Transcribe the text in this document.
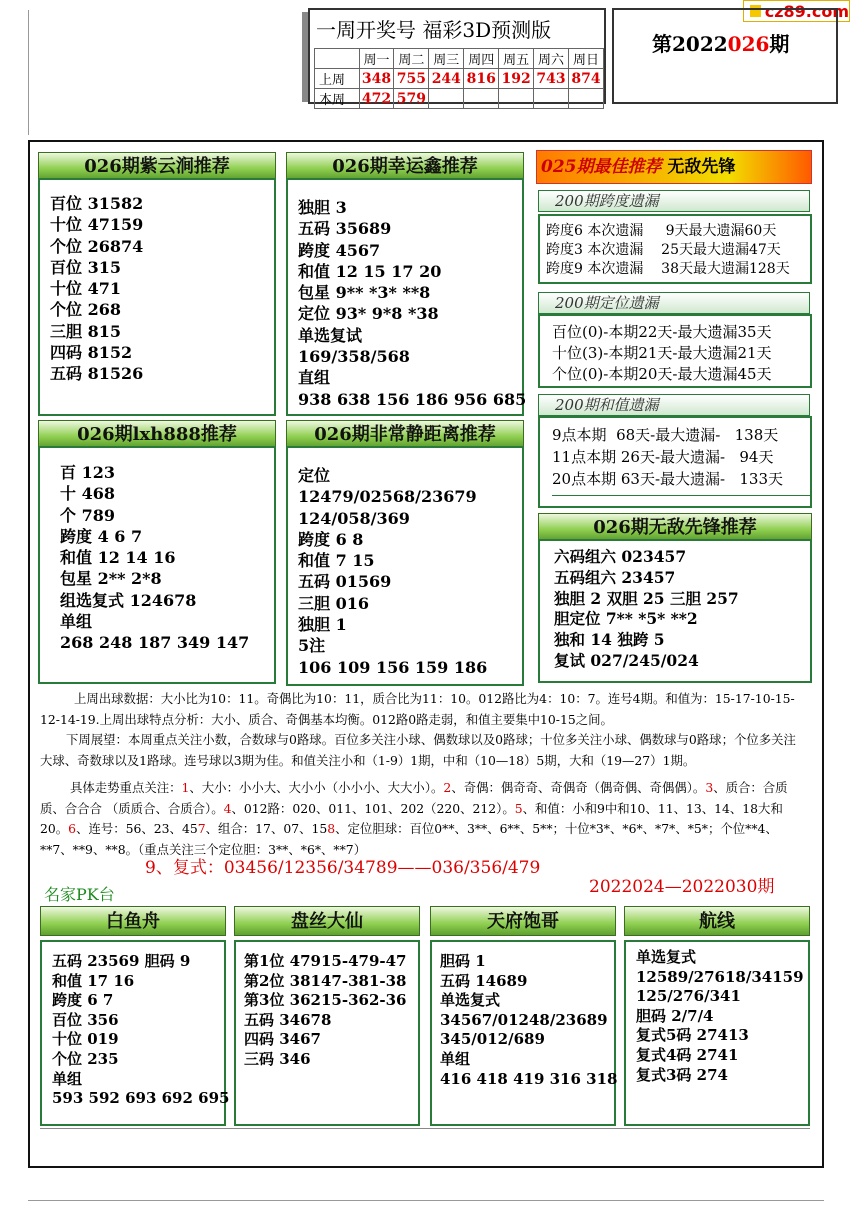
cz89.com
一周开奖号 福彩3D预测版
	周一	周二	周三	周四	周五	周六	周日
上周	348	755	244	816	192	743	874
本周	472	579					
第2022026期
026期紫云涧推荐
百位 31582
十位 47159
个位 26874
百位 315
十位 471
个位 268
三胆 815
四码 8152
五码 81526
026期幸运鑫推荐
独胆 3
五码 35689
跨度 4567
和值 12 15 17 20
包星 9** *3* **8
定位 93* 9*8 *38
单选复试
169/358/568
直组
938 638 156 186 956 685
026期lxh888推荐
百 123
十 468
个 789
跨度 4 6 7
和值 12 14 16
包星 2** 2*8
组选复式 124678
单组
268 248 187 349 147
026期非常静距离推荐
定位
12479/02568/23679
124/058/369
跨度 6 8
和值 7 15
五码 01569
三胆 016
独胆 1
5注
106 109 156 159 186
025期最佳推荐 无敌先锋
200期跨度遗漏
跨度6 本次遗漏     9天最大遗漏60天
跨度3 本次遗漏    25天最大遗漏47天
跨度9 本次遗漏    38天最大遗漏128天
200期定位遗漏
百位(0)-本期22天-最大遗漏35天
十位(3)-本期21天-最大遗漏21天
个位(0)-本期20天-最大遗漏45天
200期和值遗漏
9点本期  68天-最大遗漏-   138天
11点本期 26天-最大遗漏-   94天
20点本期 63天-最大遗漏-   133天
026期无敌先锋推荐
六码组六 023457
五码组六 23457
独胆 2 双胆 25 三胆 257
胆定位 7** *5* **2
独和 14 独跨 5
复试 027/245/024
上周出球数据：大小比为10：11。奇偶比为10：11，质合比为11：10。012路比为4：10：7。连号4期。和值为：15-17-10-15-12-14-19.上周出球特点分析：大小、质合、奇偶基本均衡。012路0路走弱，和值主要集中10-15之间。
下周展望：本周重点关注小数，合数球与0路球。百位多关注小球、偶数球以及0路球；十位多关注小球、偶数球与0路球；个位多关注大球、奇数球以及1路球。连号球以3期为佳。和值关注小和（1-9）1期，中和（10—18）5期，大和（19—27）1期。
具体走势重点关注：1、大小：小小大、大小小（小小小、大大小）。2、奇偶：偶奇奇、奇偶奇（偶奇偶、奇偶偶）。3、质合：合质质、合合合 （质质合、合质合）。4、012路：020、011、101、202（220、212）。5、和值：小和9中和10、11、13、14、18大和20。6、连号：56、23、457、组合：17、07、158、定位胆球：百位0**、3**、6**、5**；十位*3*、*6*、*7*、*5*；个位**4、**7、**9、**8。（重点关注三个定位胆：3**、*6*、**7）
9、复式：03456/12356/34789——036/356/479
名家PK台	2022024—2022030期
白鱼舟
五码 23569 胆码 9
和值 17 16
跨度 6 7
百位 356
十位 019
个位 235
单组
593 592 693 692 695
盘丝大仙
第1位 47915-479-47
第2位 38147-381-38
第3位 36215-362-36
五码 34678
四码 3467
三码 346
天府饱哥
胆码 1
五码 14689
单选复式
34567/01248/23689
345/012/689
单组
416 418 419 316 318
航线
单选复式
12589/27618/34159
125/276/341
胆码 2/7/4
复式5码 27413
复式4码 2741
复式3码 274
